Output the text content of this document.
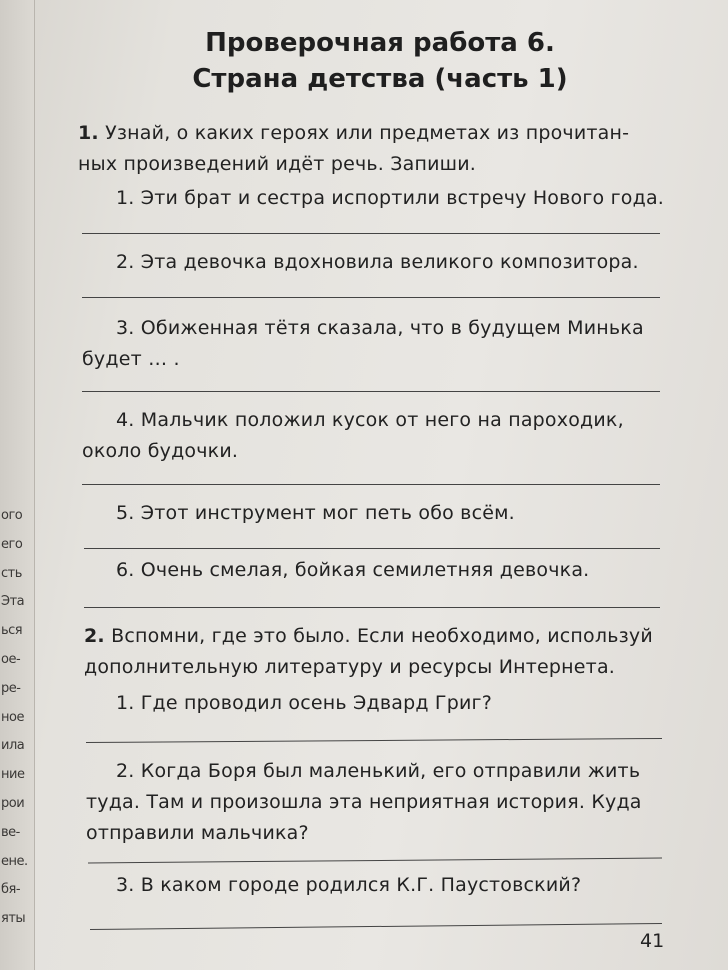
ого
его
сть
Эта
ься
ое-
ре-
ное
ила
ние
рои
ве-
ене.
бя-
яты
Проверочная работа 6.
Страна детства (часть 1)
1. Узнай, о каких героях или предметах из прочитан-
ных произведений идёт речь. Запиши.
1. Эти брат и сестра испортили встречу Нового года.
2. Эта девочка вдохновила великого композитора.
3. Обиженная тётя сказала, что в будущем Минька
будет … .
4. Мальчик положил кусок от него на пароходик,
около будочки.
5. Этот инструмент мог петь обо всём.
6. Очень смелая, бойкая семилетняя девочка.
2. Вспомни, где это было. Если необходимо, используй
дополнительную литературу и ресурсы Интернета.
1. Где проводил осень Эдвард Григ?
2. Когда Боря был маленький, его отправили жить
туда. Там и произошла эта неприятная история. Куда
отправили мальчика?
3. В каком городе родился К.Г. Паустовский?
41
